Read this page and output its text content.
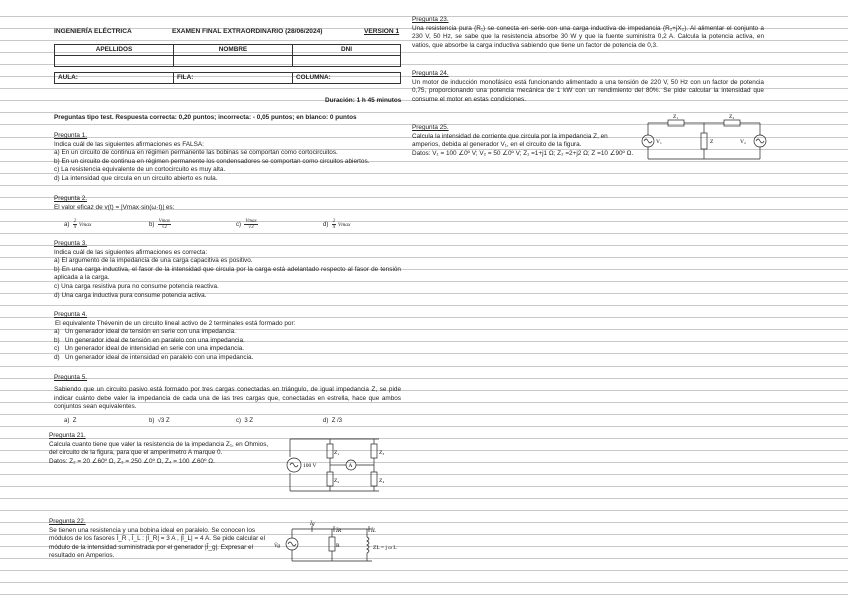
INGENIERÍA ELÉCTRICA	EXAMEN FINAL EXTRAORDINARIO (28/06/2024)	VERSION 1
APELLIDOS	NOMBRE	DNI

AULA:	FILA:	COLUMNA:
Duración: 1 h 45 minutos
Preguntas tipo test. Respuesta correcta: 0,20 puntos; incorrecta: - 0,05 puntos; en blanco: 0 puntos

Pregunta 1.

Indica cuál de las siguientes afirmaciones es FALSA:

a) En un circuito de continua en régimen permanente las bobinas se comportan como cortocircuitos.

b) En un circuito de continua en régimen permanente los condensadores se comportan como circuitos abiertos.

c) La resistencia equivalente de un cortocircuito es muy alta.

d) La intensidad que circula en un circuito abierto es nula.

Pregunta 2.

El valor eficaz de v(t) = |Vmax·sin(ω·t)| es:

$a) \frac{2}{\pi}$ Vmax	$b) \frac{Vmax}{√2}$	$c) \frac{Vmax}{√3}$	$d) \frac{2}{\pi}$ Vmax

Pregunta 3.

Indica cuál de las siguientes afirmaciones es correcta:

a) El argumento de la impedancia de una carga capacitiva es positivo.

b) En una carga inductiva, el fasor de la intensidad que circula por la carga está adelantado respecto al fasor de tensión aplicada a la carga.

c) Una carga resistiva pura no consume potencia reactiva.

d) Una carga inductiva pura consume potencia activa.

Pregunta 4.

El equivalente Thévenin de un circuito lineal activo de 2 terminales está formado por:

a) Un generador ideal de tensión en serie con una impedancia.

b) Un generador ideal de tensión en paralelo con una impedancia.

c) Un generador ideal de intensidad en serie con una impedancia.

d) Un generador ideal de intensidad en paralelo con una impedancia.

Pregunta 5.

Sabiendo que un circuito pasivo está formado por tres cargas conectadas en triángulo, de igual impedancia Z, se pide indicar cuánto debe valer la impedancia de cada una de las tres cargas que, conectadas en estrella, hace que ambos conjuntos sean equivalentes.

a) Z	b) √3 Z	c) 3 Z	d) Z /3

Pregunta 21.

Calcula cuanto tiene que valer la resistencia de la impedancia Z₁, en Ohmios,

del circuito de la figura, para que el amperímetro A marque 0.

Datos: Z₂ = 20 ∠60º Ω, Z₃ = 250 ∠0º Ω, Z₄ = 100 ∠60º Ω.

Z₁
Z₂
Z₃
Z₄
100 V	A

Pregunta 22.

Se tienen una resistencia y una bobina ideal en paralelo. Se conocen los

módulos de los fasores Ī_R , Ī_L : |Ī_R| = 3 A , |Ī_L| = 4 A. Se pide calcular el

módulo de la intensidad suministrada por el generador |Ī_g|. Expresar el

resultado en Amperios.

Īg
ĪR	ĪL
V̄g	R	ZL = j ω L

Pregunta 23.

Una resistencia pura (R₁) se conecta en serie con una carga inductiva de impedancia (R₂+jX₂). Al alimentar el conjunto a 230 V, 50 Hz, se sabe que la resistencia absorbe 30 W y que la fuente suministra 0,2 A. Calcula la potencia activa, en vatios, que absorbe la carga inductiva sabiendo que tiene un factor de potencia de 0,3.

Pregunta 24.

Un motor de inducción monofásico está funcionando alimentado a una tensión de 220 V, 50 Hz con un factor de potencia 0,75, proporcionando una potencia mecánica de 1 kW con un rendimiento del 80%. Se pide calcular la intensidad que consume el motor en estas condiciones.

Pregunta 25.

Calcula la intensidad de corriente que circula por la impedancia Z, en

amperios, debida al generador V₁, en el circuito de la figura.

Datos: V₁ = 100 ∠0º V; V₂ = 50 ∠0º V; Z₁ =1+j1 Ω; Z₂ =2+j2 Ω; Z =10 ∠90º Ω.

Z₁	Z₂
Z
V₁	V₂
